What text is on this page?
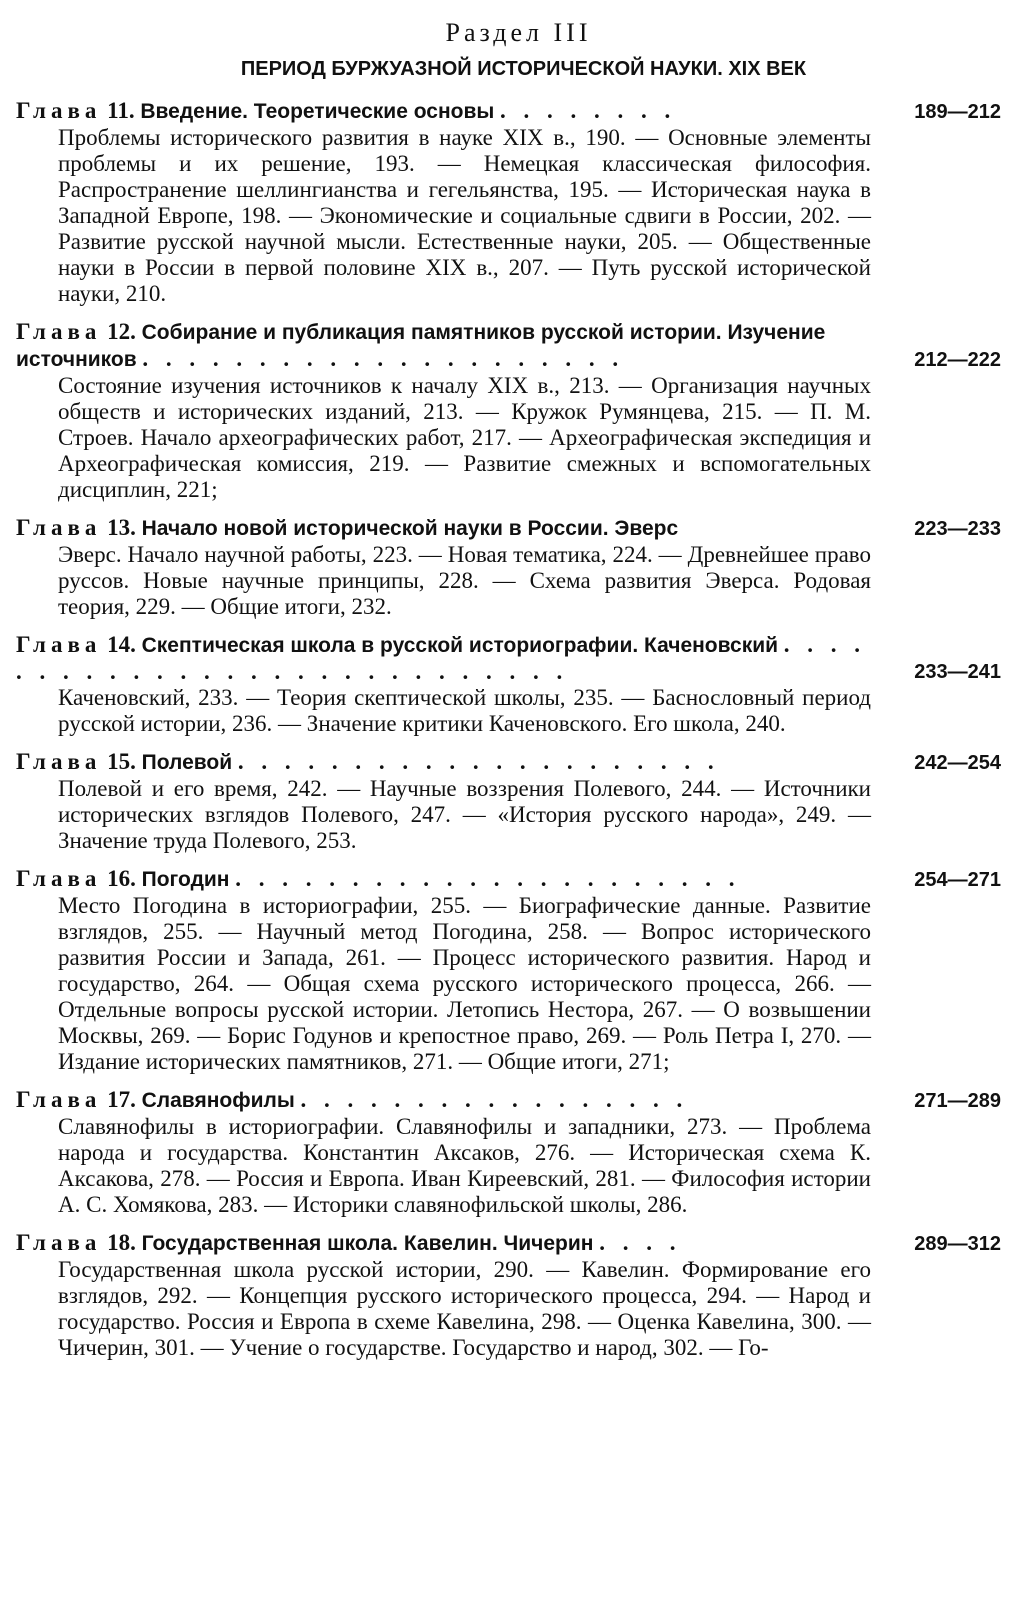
Раздел III
ПЕРИОД БУРЖУАЗНОЙ ИСТОРИЧЕСКОЙ НАУКИ. XIX ВЕК
Глава 11. Введение. Теоретические основы . . . . . . . .	189—212
Проблемы исторического развития в науке XIX в., 190. — Основные элементы проблемы и их решение, 193. — Немецкая классическая философия. Распространение шеллингианства и гегельянства, 195. — Историческая наука в Западной Европе, 198. — Экономические и социальные сдвиги в России, 202. — Развитие русской научной мысли. Естественные науки, 205. — Общественные науки в России в первой половине XIX в., 207. — Путь русской исторической науки, 210.
Глава 12. Собирание и публикация памятников русской истории. Изучение источников . . . . . . . . . . . . . . . . . . . . .	212—222
Состояние изучения источников к началу XIX в., 213. — Организация научных обществ и исторических изданий, 213. — Кружок Румянцева, 215. — П. М. Строев. Начало археографических работ, 217. — Археографическая экспедиция и Археографическая комиссия, 219. — Развитие смежных и вспомогательных дисциплин, 221;
Глава 13. Начало новой исторической науки в России. Эверс	223—233
Эверс. Начало научной работы, 223. — Новая тематика, 224. — Древнейшее право руссов. Новые научные принципы, 228. — Схема развития Эверса. Родовая теория, 229. — Общие итоги, 232.
Глава 14. Скептическая школа в русской историографии. Каченовский . . . . . . . . . . . . . . . . . . . . . . . . . . . .	233—241
Каченовский, 233. — Теория скептической школы, 235. — Баснословный период русской истории, 236. — Значение критики Каченовского. Его школа, 240.
Глава 15. Полевой . . . . . . . . . . . . . . . . . . . . .	242—254
Полевой и его время, 242. — Научные воззрения Полевого, 244. — Источники исторических взглядов Полевого, 247. — «История русского народа», 249. — Значение труда Полевого, 253.
Глава 16. Погодин . . . . . . . . . . . . . . . . . . . . . .	254—271
Место Погодина в историографии, 255. — Биографические данные. Развитие взглядов, 255. — Научный метод Погодина, 258. — Вопрос исторического развития России и Запада, 261. — Процесс исторического развития. Народ и государство, 264. — Общая схема русского исторического процесса, 266. — Отдельные вопросы русской истории. Летопись Нестора, 267. — О возвышении Москвы, 269. — Борис Годунов и крепостное право, 269. — Роль Петра I, 270. — Издание исторических памятников, 271. — Общие итоги, 271;
Глава 17. Славянофилы . . . . . . . . . . . . . . . . .	271—289
Славянофилы в историографии. Славянофилы и западники, 273. — Проблема народа и государства. Константин Аксаков, 276. — Историческая схема К. Аксакова, 278. — Россия и Европа. Иван Киреевский, 281. — Философия истории А. С. Хомякова, 283. — Историки славянофильской школы, 286.
Глава 18. Государственная школа. Кавелин. Чичерин . . . .	289—312
Государственная школа русской истории, 290. — Кавелин. Формирование его взглядов, 292. — Концепция русского исторического процесса, 294. — Народ и государство. Россия и Европа в схеме Кавелина, 298. — Оценка Кавелина, 300. — Чичерин, 301. — Учение о государстве. Государство и народ, 302. — Го-
